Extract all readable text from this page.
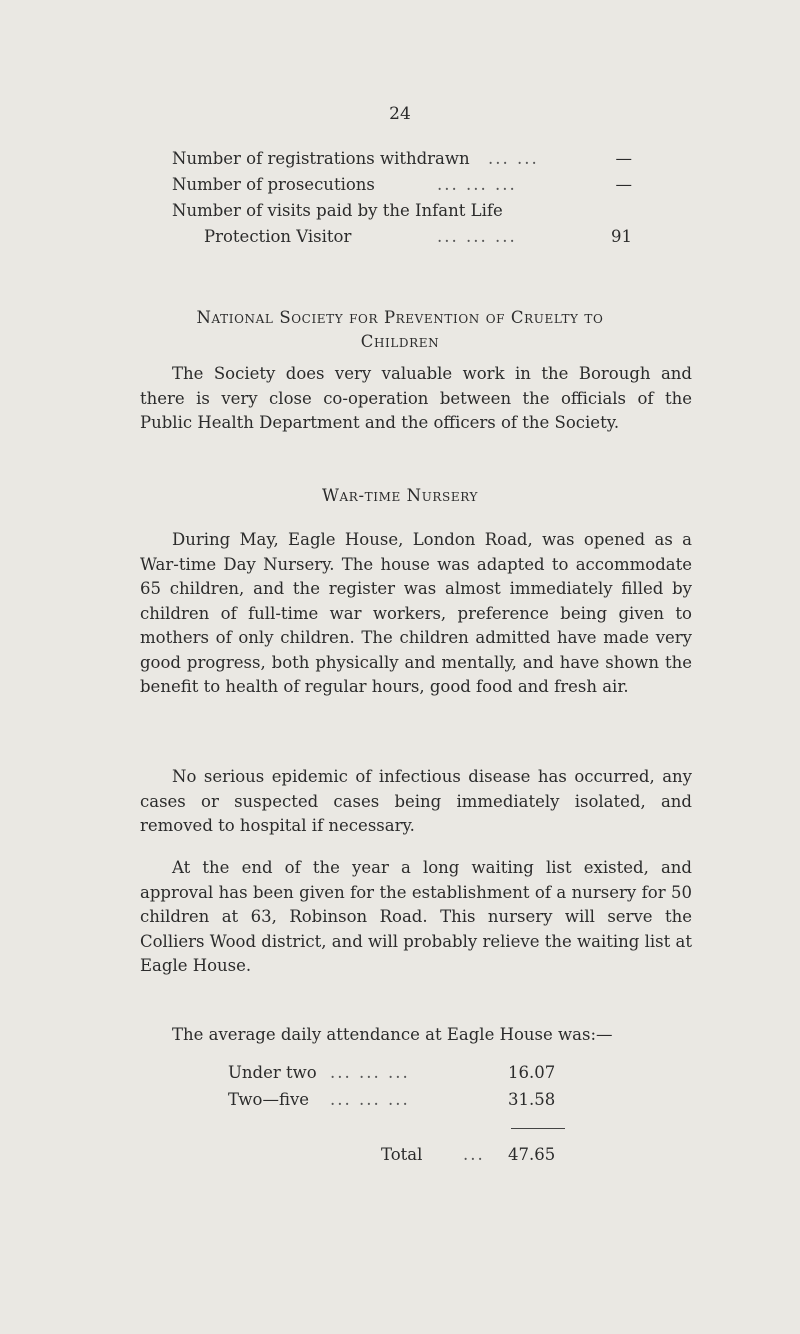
24
Number of registrations withdrawn ... ...	—
Number of prosecutions	... ... ...	—
Number of visits paid by the Infant Life
Protection Visitor	... ... ...	91
National Society for Prevention of Cruelty to
Children

The Society does very valuable work in the Borough and there is very close co-operation between the officials of the Public Health Department and the officers of the Society.

War-time Nursery

During May, Eagle House, London Road, was opened as a War-time Day Nursery. The house was adapted to accommodate 65 children, and the register was almost immediately filled by children of full-time war workers, preference being given to mothers of only children. The children admitted have made very good progress, both physically and mentally, and have shown the benefit to health of regular hours, good food and fresh air.

No serious epidemic of infectious disease has occurred, any cases or suspected cases being immediately isolated, and removed to hospital if necessary.

At the end of the year a long waiting list existed, and approval has been given for the establishment of a nursery for 50 children at 63, Robinson Road. This nursery will serve the Colliers Wood district, and will probably relieve the waiting list at Eagle House.

The average daily attendance at Eagle House was:—
Under two ... ... ...	16.07
Two—five ... ... ...	31.58
Total ... 47.65
